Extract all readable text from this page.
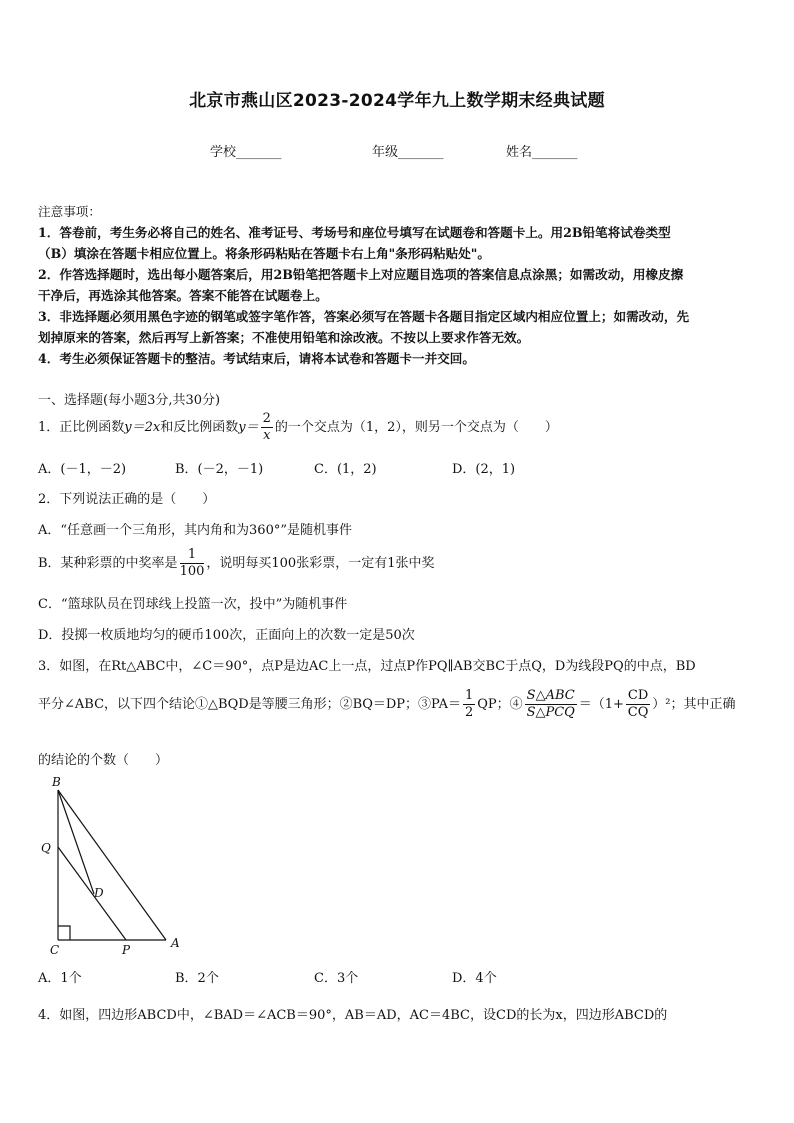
北京市燕山区2023-2024学年九上数学期末经典试题
学校_______	年级_______	姓名_______
注意事项：

1．答卷前，考生务必将自己的姓名、准考证号、考场号和座位号填写在试题卷和答题卡上。用2B铅笔将试卷类型

（B）填涂在答题卡相应位置上。将条形码粘贴在答题卡右上角"条形码粘贴处"。

2．作答选择题时，选出每小题答案后，用2B铅笔把答题卡上对应题目选项的答案信息点涂黑；如需改动，用橡皮擦

干净后，再选涂其他答案。答案不能答在试题卷上。

3．非选择题必须用黑色字迹的钢笔或签字笔作答，答案必须写在答题卡各题目指定区域内相应位置上；如需改动，先

划掉原来的答案，然后再写上新答案；不准使用铅笔和涂改液。不按以上要求作答无效。

4．考生必须保证答题卡的整洁。考试结束后，请将本试卷和答题卡一并交回。

一、选择题(每小题3分,共30分)
1．正比例函数y＝2x和反比例函数$y= \frac{2}{x}$ 的一个交点为（1，2），则另一个交点为（　　）
A．(－1，－2)	B．(－2，－1)	C．(1，2)	D．(2，1)
2．下列说法正确的是（　　）
A．“任意画一个三角形，其内角和为360°”是随机事件
B．某种彩票的中奖率是 $\frac{1}{100}$ ，说明每买100张彩票，一定有1张中奖
C．“篮球队员在罚球线上投篮一次，投中”为随机事件
D．投掷一枚质地均匀的硬币100次，正面向上的次数一定是50次
3．如图，在Rt△ABC中，∠C＝90°，点P是边AC上一点，过点P作PQ∥AB交BC于点Q，D为线段PQ的中点，BD
平分∠ABC，以下四个结论①△BQD是等腰三角形；②BQ＝DP；③PA＝ $\frac{1}{2}$ QP；④ $\frac{\text{S△ABC}}{\text{S△PCQ}} =(1+ \frac{CD}{CQ} )^2$；其中正确
的结论的个数（　　）
B
Q
D
C	P	A
A．1个	B．2个	C．3个	D．4个
4．如图，四边形ABCD中，∠BAD＝∠ACB＝90°，AB＝AD，AC＝4BC，设CD的长为x，四边形ABCD的
